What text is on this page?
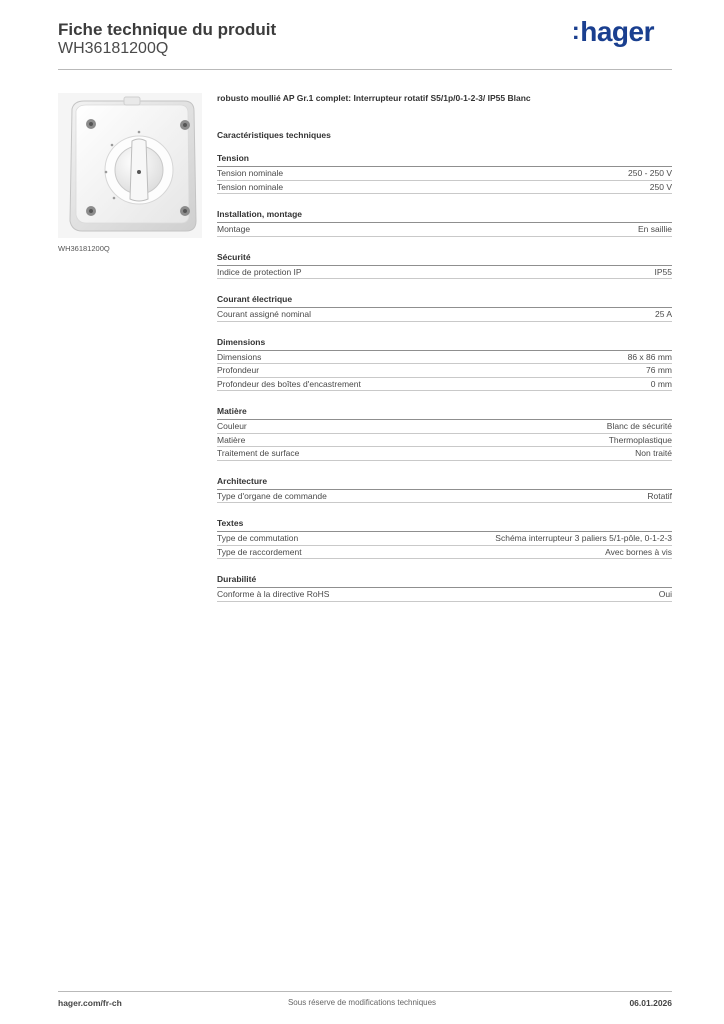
Fiche technique du produit
WH36181200Q
:hager
WH36181200Q
robusto moullié AP Gr.1 complet: Interrupteur rotatif S5/1p/0-1-2-3/ IP55 Blanc
Caractéristiques techniques
Tension
Tension nominale	250 - 250 V
Tension nominale	250 V
Installation, montage
Montage	En saillie
Sécurité
Indice de protection IP	IP55
Courant électrique
Courant assigné nominal	25 A
Dimensions
Dimensions	86 x 86 mm
Profondeur	76 mm
Profondeur des boîtes d'encastrement	0 mm
Matière
Couleur	Blanc de sécurité
Matière	Thermoplastique
Traitement de surface	Non traité
Architecture
Type d'organe de commande	Rotatif
Textes
Type de commutation	Schéma interrupteur 3 paliers 5/1-pôle, 0-1-2-3
Type de raccordement	Avec bornes à vis
Durabilité
Conforme à la directive RoHS	Oui
hager.com/fr-ch	Sous réserve de modifications techniques	06.01.2026
